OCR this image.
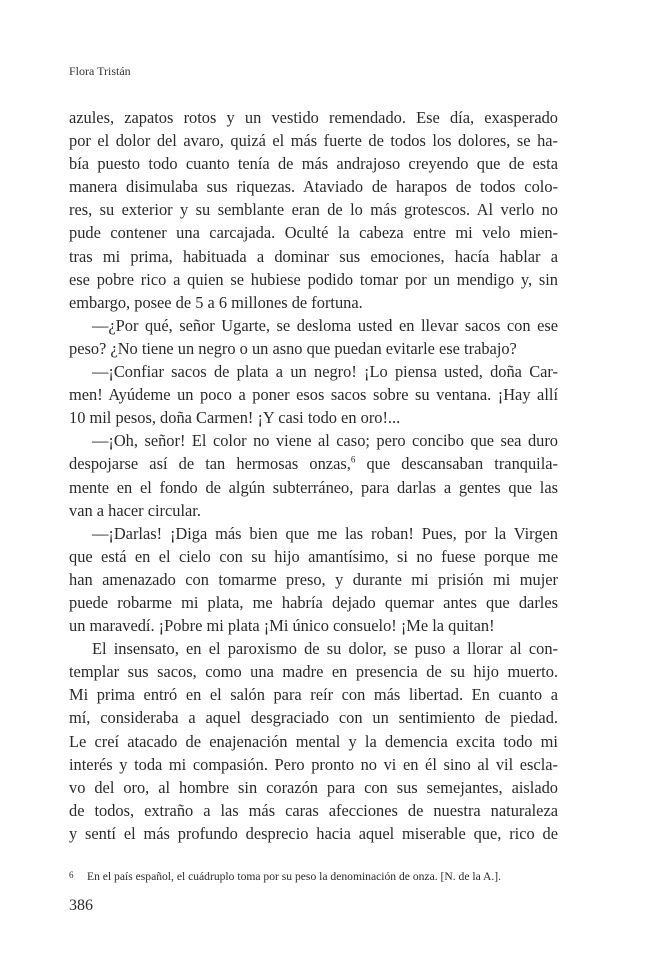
Flora Tristán
azules, zapatos rotos y un vestido remendado. Ese día, exasperado
por el dolor del avaro, quizá el más fuerte de todos los dolores, se ha-
bía puesto todo cuanto tenía de más andrajoso creyendo que de esta
manera disimulaba sus riquezas. Ataviado de harapos de todos colo-
res, su exterior y su semblante eran de lo más grotescos. Al verlo no
pude contener una carcajada. Oculté la cabeza entre mi velo mien-
tras mi prima, habituada a dominar sus emociones, hacía hablar a
ese pobre rico a quien se hubiese podido tomar por un mendigo y, sin
embargo, posee de 5 a 6 millones de fortuna.
—¿Por qué, señor Ugarte, se desloma usted en llevar sacos con ese
peso? ¿No tiene un negro o un asno que puedan evitarle ese trabajo?
—¡Confiar sacos de plata a un negro! ¡Lo piensa usted, doña Car-
men! Ayúdeme un poco a poner esos sacos sobre su ventana. ¡Hay allí
10 mil pesos, doña Carmen! ¡Y casi todo en oro!...
—¡Oh, señor! El color no viene al caso; pero concibo que sea duro
despojarse así de tan hermosas onzas,$^6$ que descansaban tranquila-
mente en el fondo de algún subterráneo, para darlas a gentes que las
van a hacer circular.
—¡Darlas! ¡Diga más bien que me las roban! Pues, por la Virgen
que está en el cielo con su hijo amantísimo, si no fuese porque me
han amenazado con tomarme preso, y durante mi prisión mi mujer
puede robarme mi plata, me habría dejado quemar antes que darles
un maravedí. ¡Pobre mi plata ¡Mi único consuelo! ¡Me la quitan!
El insensato, en el paroxismo de su dolor, se puso a llorar al con-
templar sus sacos, como una madre en presencia de su hijo muerto.
Mi prima entró en el salón para reír con más libertad. En cuanto a
mí, consideraba a aquel desgraciado con un sentimiento de piedad.
Le creí atacado de enajenación mental y la demencia excita todo mi
interés y toda mi compasión. Pero pronto no vi en él sino al vil escla-
vo del oro, al hombre sin corazón para con sus semejantes, aislado
de todos, extraño a las más caras afecciones de nuestra naturaleza
y sentí el más profundo desprecio hacia aquel miserable que, rico de
6 En el país español, el cuádruplo toma por su peso la denominación de onza. [N. de la A.].
386
